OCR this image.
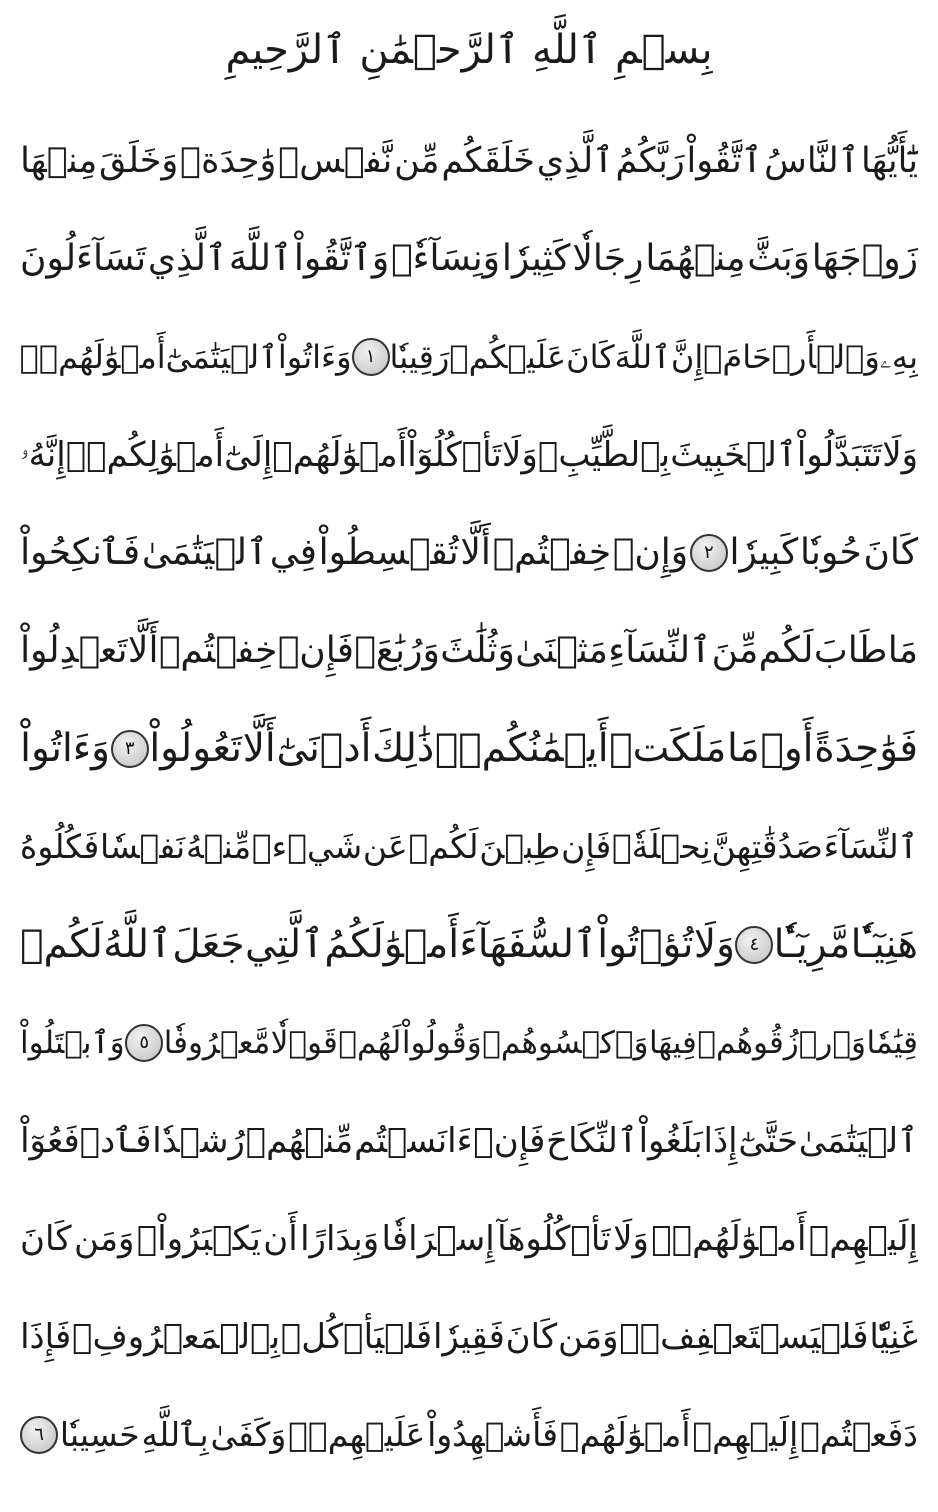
بِسۡمِ ٱللَّهِ ٱلرَّحۡمَٰنِ ٱلرَّحِيمِ
يَٰٓأَيُّهَا
ٱلنَّاسُ
ٱتَّقُواْ
رَبَّكُمُ
ٱلَّذِي
خَلَقَكُم
مِّن
نَّفۡسٖ
وَٰحِدَةٖ
وَخَلَقَ
مِنۡهَا
زَوۡجَهَا
وَبَثَّ
مِنۡهُمَا
رِجَالٗا
كَثِيرٗا
وَنِسَآءٗۚ
وَٱتَّقُواْ
ٱللَّهَ
ٱلَّذِي
تَسَآءَلُونَ
بِهِۦ
وَٱلۡأَرۡحَامَۚ
إِنَّ
ٱللَّهَ
كَانَ
عَلَيۡكُمۡ
رَقِيبٗا
١
وَءَاتُواْ
ٱلۡيَتَٰمَىٰٓ
أَمۡوَٰلَهُمۡۖ
وَلَا
تَتَبَدَّلُواْ
ٱلۡخَبِيثَ
بِٱلطَّيِّبِۖ
وَلَا
تَأۡكُلُوٓاْ
أَمۡوَٰلَهُمۡ
إِلَىٰٓ
أَمۡوَٰلِكُمۡۚ
إِنَّهُۥ
كَانَ
حُوبٗا
كَبِيرٗا
٢
وَإِنۡ
خِفۡتُمۡ
أَلَّا
تُقۡسِطُواْ
فِي
ٱلۡيَتَٰمَىٰ
فَٱنكِحُواْ
مَا
طَابَ
لَكُم
مِّنَ
ٱلنِّسَآءِ
مَثۡنَىٰ
وَثُلَٰثَ
وَرُبَٰعَۖ
فَإِنۡ
خِفۡتُمۡ
أَلَّا
تَعۡدِلُواْ
فَوَٰحِدَةً
أَوۡ
مَا
مَلَكَتۡ
أَيۡمَٰنُكُمۡۚ
ذَٰلِكَ
أَدۡنَىٰٓ
أَلَّا
تَعُولُواْ
٣
وَءَاتُواْ
ٱلنِّسَآءَ
صَدُقَٰتِهِنَّ
نِحۡلَةٗۚ
فَإِن
طِبۡنَ
لَكُمۡ
عَن
شَيۡءٖ
مِّنۡهُ
نَفۡسٗا
فَكُلُوهُ
هَنِيٓـٔٗا
مَّرِيٓـٔٗا
٤
وَلَا
تُؤۡتُواْ
ٱلسُّفَهَآءَ
أَمۡوَٰلَكُمُ
ٱلَّتِي
جَعَلَ
ٱللَّهُ
لَكُمۡ
قِيَٰمٗا
وَٱرۡزُقُوهُمۡ
فِيهَا
وَٱكۡسُوهُمۡ
وَقُولُواْ
لَهُمۡ
قَوۡلٗا
مَّعۡرُوفٗا
٥
وَٱبۡتَلُواْ
ٱلۡيَتَٰمَىٰ
حَتَّىٰٓ
إِذَا
بَلَغُواْ
ٱلنِّكَاحَ
فَإِنۡ
ءَانَسۡتُم
مِّنۡهُمۡ
رُشۡدٗا
فَٱدۡفَعُوٓاْ
إِلَيۡهِمۡ
أَمۡوَٰلَهُمۡۖ
وَلَا
تَأۡكُلُوهَآ
إِسۡرَافٗا
وَبِدَارًا
أَن
يَكۡبَرُواْۚ
وَمَن
كَانَ
غَنِيّٗا
فَلۡيَسۡتَعۡفِفۡۖ
وَمَن
كَانَ
فَقِيرٗا
فَلۡيَأۡكُلۡ
بِٱلۡمَعۡرُوفِۚ
فَإِذَا
دَفَعۡتُمۡ
إِلَيۡهِمۡ
أَمۡوَٰلَهُمۡ
فَأَشۡهِدُواْ
عَلَيۡهِمۡۚ
وَكَفَىٰ
بِٱللَّهِ
حَسِيبٗا
٦
